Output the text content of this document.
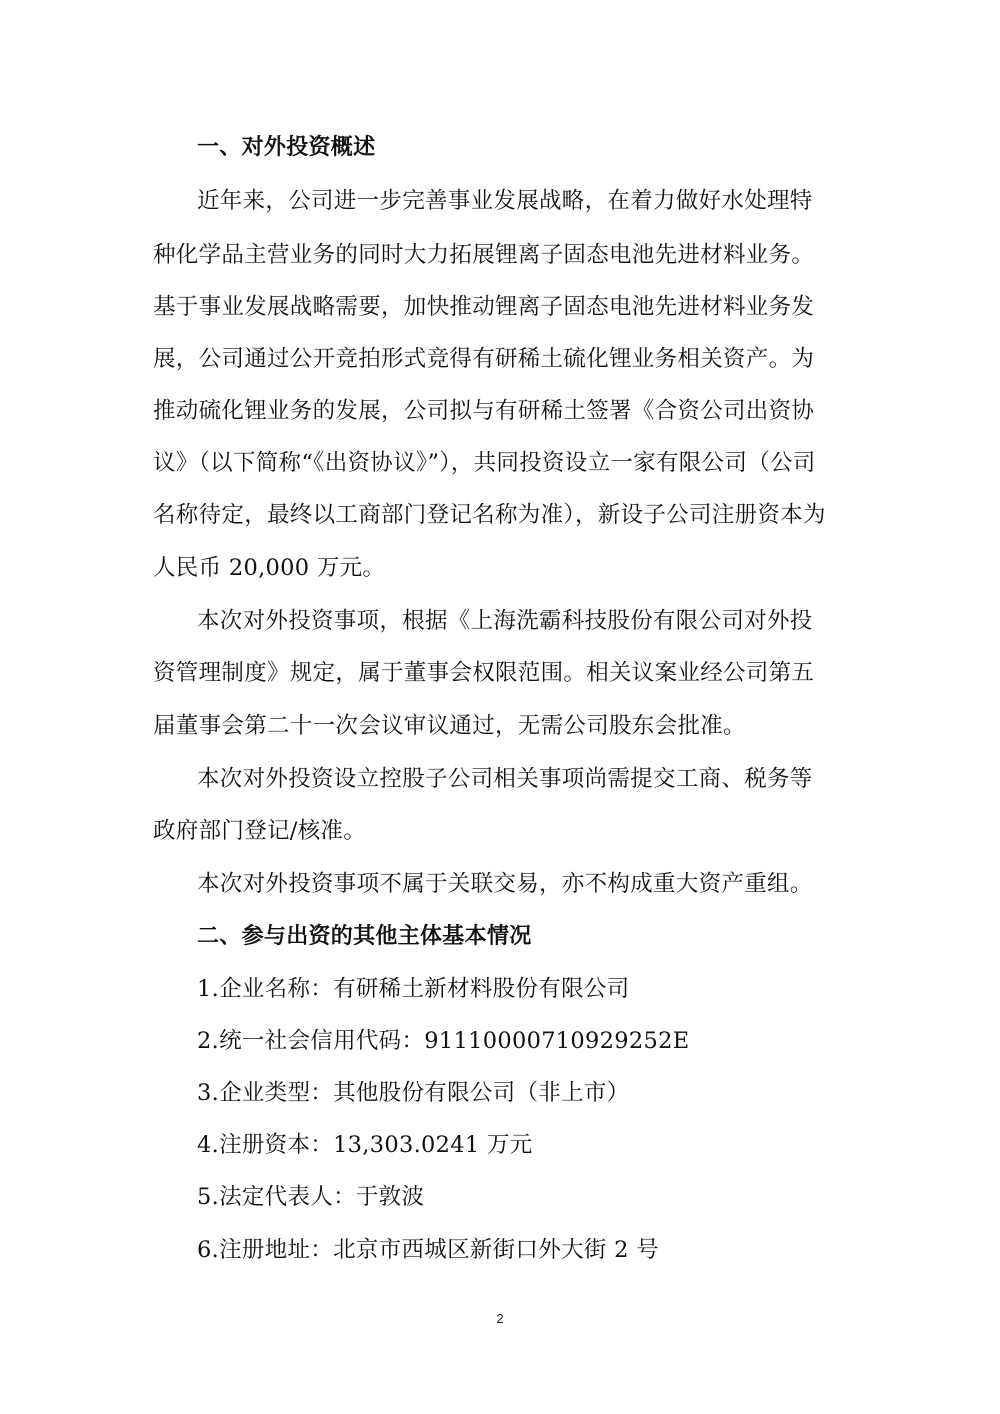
一、对外投资概述
近年来，公司进一步完善事业发展战略，在着力做好水处理特
种化学品主营业务的同时大力拓展锂离子固态电池先进材料业务。
基于事业发展战略需要，加快推动锂离子固态电池先进材料业务发
展，公司通过公开竞拍形式竞得有研稀土硫化锂业务相关资产。为
推动硫化锂业务的发展，公司拟与有研稀土签署《合资公司出资协
议》（以下简称“《出资协议》”），共同投资设立一家有限公司（公司
名称待定，最终以工商部门登记名称为准），新设子公司注册资本为
人民币 20,000 万元。
本次对外投资事项，根据《上海洗霸科技股份有限公司对外投
资管理制度》规定，属于董事会权限范围。相关议案业经公司第五
届董事会第二十一次会议审议通过，无需公司股东会批准。
本次对外投资设立控股子公司相关事项尚需提交工商、税务等
政府部门登记/核准。
本次对外投资事项不属于关联交易，亦不构成重大资产重组。
二、参与出资的其他主体基本情况
1.企业名称：有研稀土新材料股份有限公司
2.统一社会信用代码：91110000710929252E
3.企业类型：其他股份有限公司（非上市）
4.注册资本：13,303.0241 万元
5.法定代表人：于敦波
6.注册地址：北京市西城区新街口外大街 2 号
2
